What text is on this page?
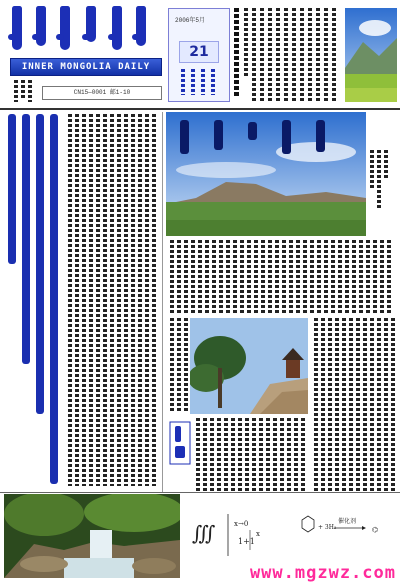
INNER MONGOLIA DAILY
CN15—0001 邮1-10
2006年5月
21
∭	x→0
1+1
x	⌬
+ 3H₂
催化剂
www.mgzwz.com
